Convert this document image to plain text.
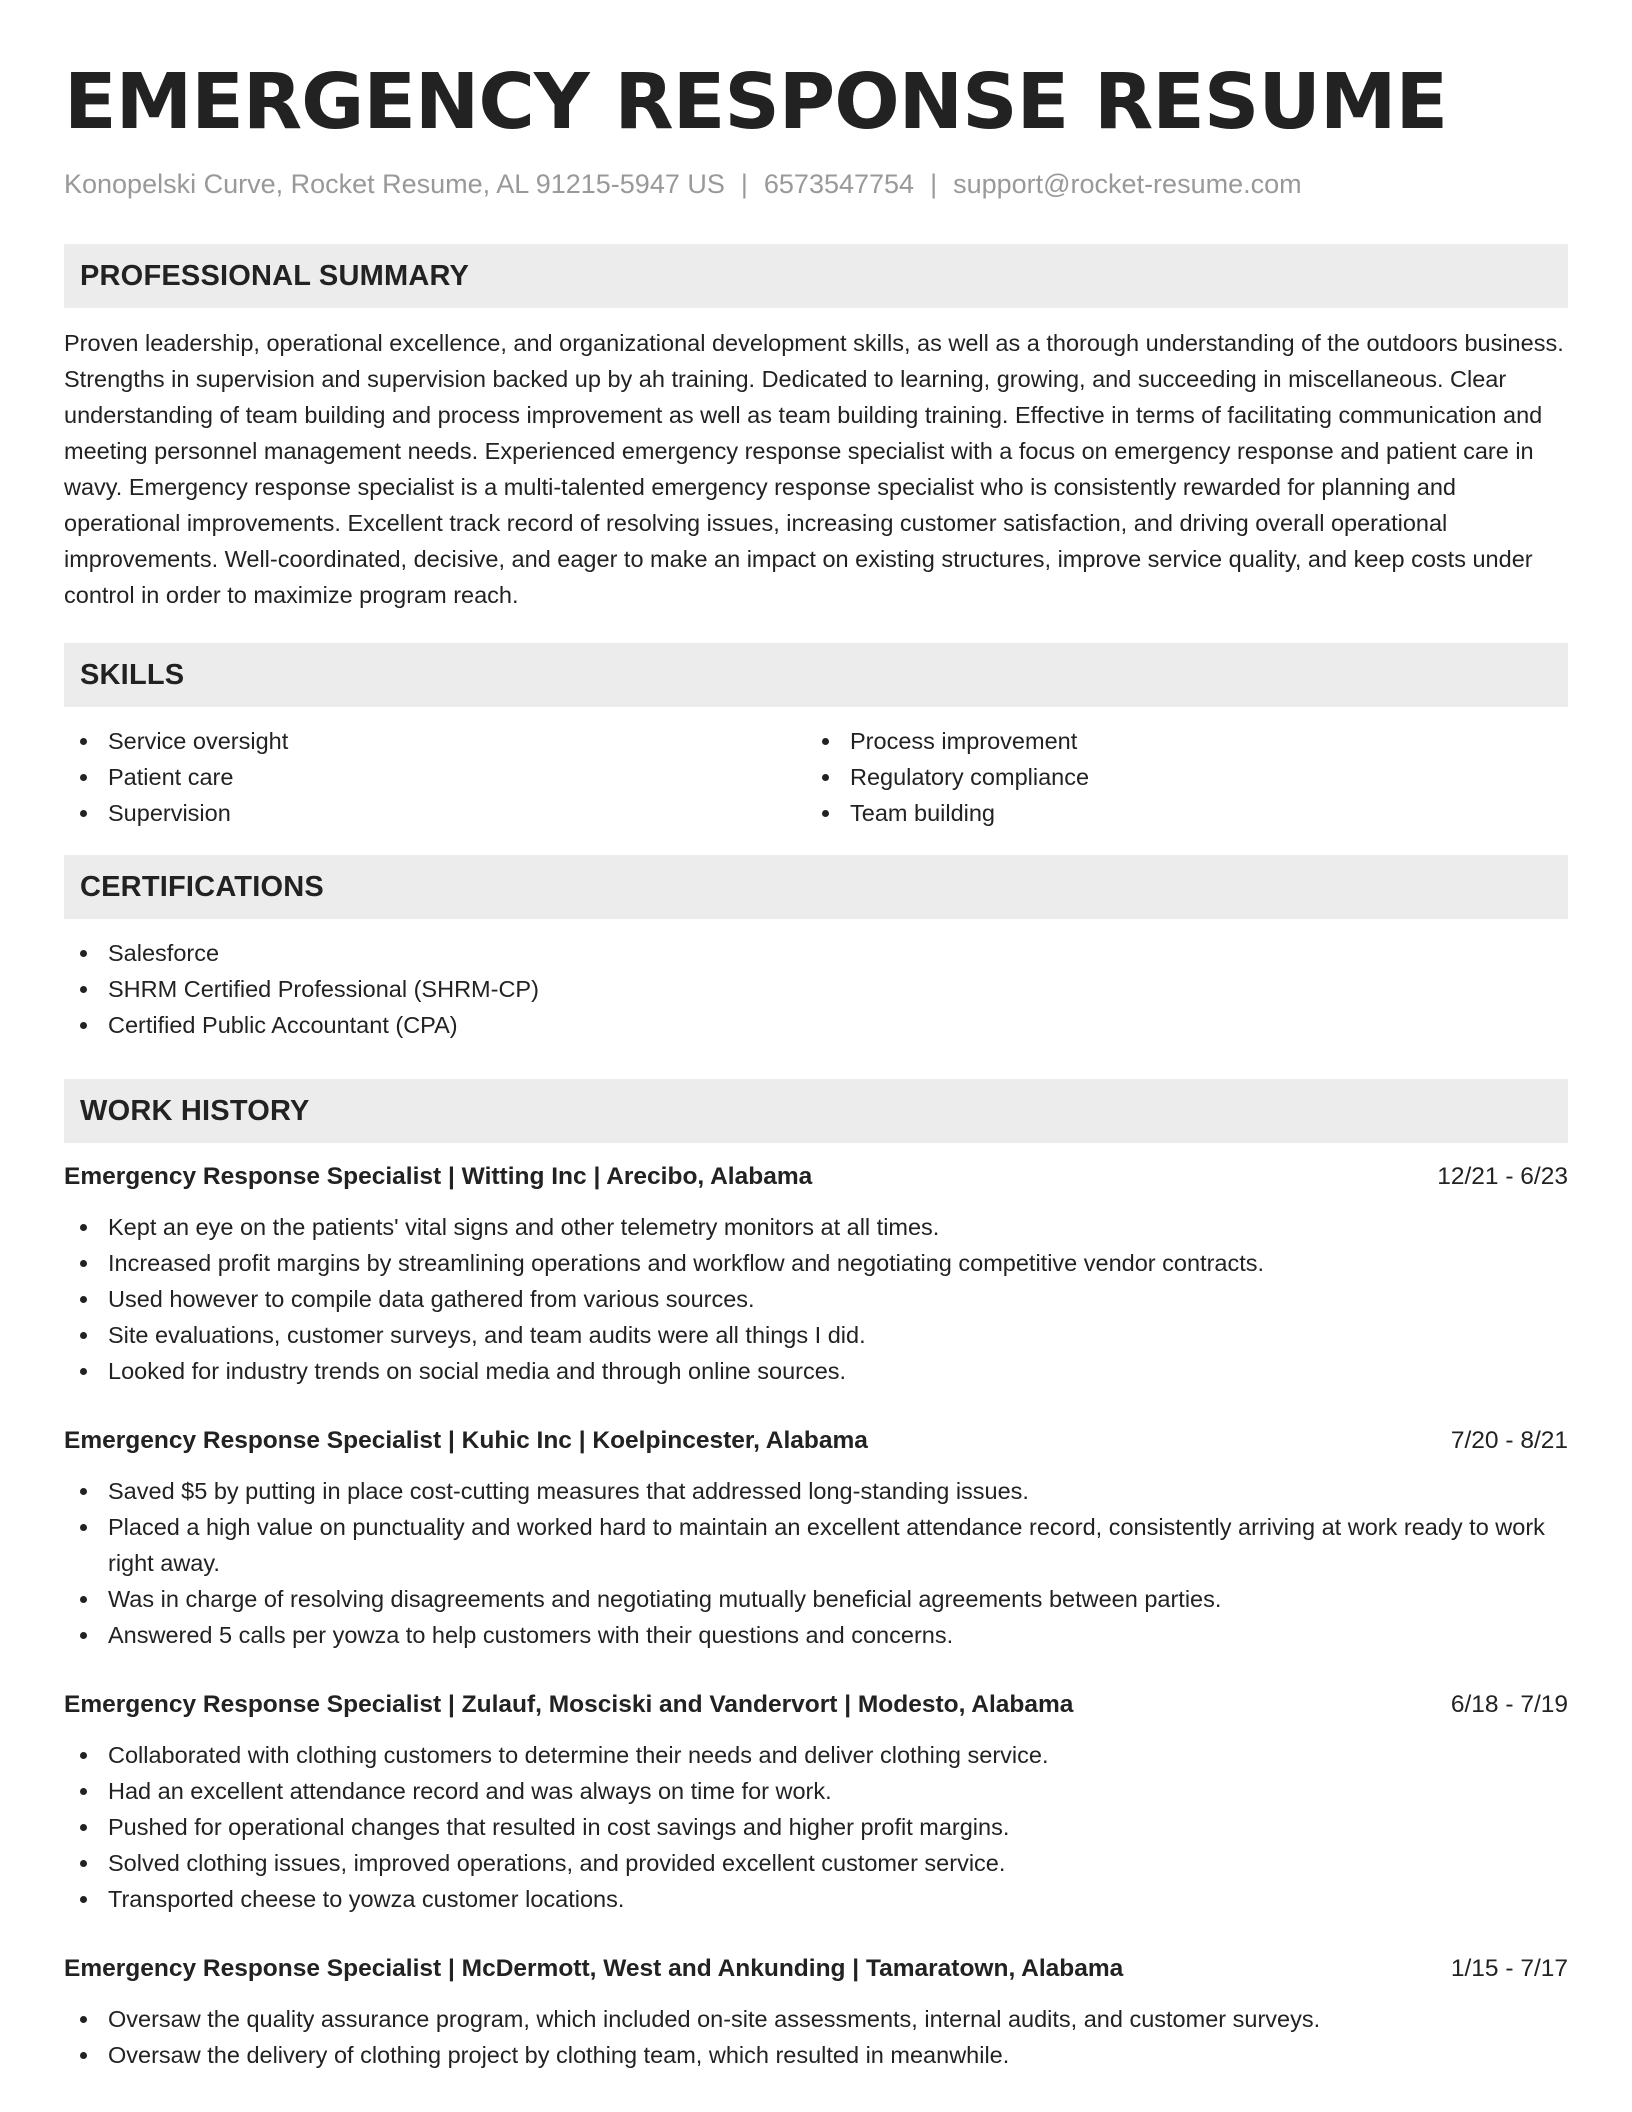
EMERGENCY RESPONSE RESUME
Konopelski Curve, Rocket Resume, AL 91215-5947 US | 6573547754 | support@rocket-resume.com
PROFESSIONAL SUMMARY

Proven leadership, operational excellence, and organizational development skills, as well as a thorough understanding of the outdoors business. Strengths in supervision and supervision backed up by ah training. Dedicated to learning, growing, and succeeding in miscellaneous. Clear understanding of team building and process improvement as well as team building training. Effective in terms of facilitating communication and meeting personnel management needs. Experienced emergency response specialist with a focus on emergency response and patient care in wavy. Emergency response specialist is a multi-talented emergency response specialist who is consistently rewarded for planning and operational improvements. Excellent track record of resolving issues, increasing customer satisfaction, and driving overall operational improvements. Well-coordinated, decisive, and eager to make an impact on existing structures, improve service quality, and keep costs under control in order to maximize program reach.

SKILLS
Service oversight
Patient care
Supervision
Process improvement
Regulatory compliance
Team building
CERTIFICATIONS
Salesforce
SHRM Certified Professional (SHRM-CP)
Certified Public Accountant (CPA)
WORK HISTORY
Emergency Response Specialist | Witting Inc | Arecibo, Alabama	12/21 - 6/23
Kept an eye on the patients' vital signs and other telemetry monitors at all times.
Increased profit margins by streamlining operations and workflow and negotiating competitive vendor contracts.
Used however to compile data gathered from various sources.
Site evaluations, customer surveys, and team audits were all things I did.
Looked for industry trends on social media and through online sources.
Emergency Response Specialist | Kuhic Inc | Koelpincester, Alabama	7/20 - 8/21
Saved $5 by putting in place cost-cutting measures that addressed long-standing issues.
Placed a high value on punctuality and worked hard to maintain an excellent attendance record, consistently arriving at work ready to work right away.
Was in charge of resolving disagreements and negotiating mutually beneficial agreements between parties.
Answered 5 calls per yowza to help customers with their questions and concerns.
Emergency Response Specialist | Zulauf, Mosciski and Vandervort | Modesto, Alabama	6/18 - 7/19
Collaborated with clothing customers to determine their needs and deliver clothing service.
Had an excellent attendance record and was always on time for work.
Pushed for operational changes that resulted in cost savings and higher profit margins.
Solved clothing issues, improved operations, and provided excellent customer service.
Transported cheese to yowza customer locations.
Emergency Response Specialist | McDermott, West and Ankunding | Tamaratown, Alabama	1/15 - 7/17
Oversaw the quality assurance program, which included on-site assessments, internal audits, and customer surveys.
Oversaw the delivery of clothing project by clothing team, which resulted in meanwhile.
